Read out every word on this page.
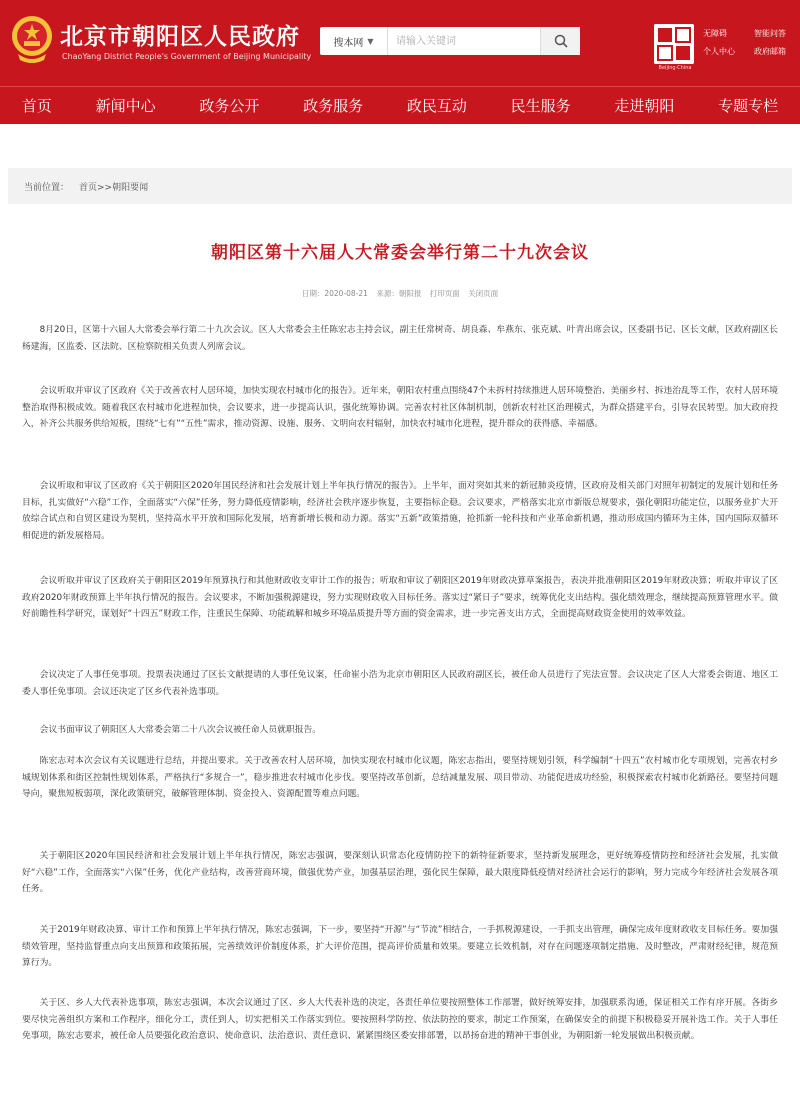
北京市朝阳区人民政府
ChaoYang District People's Government of Beijing Municipality
搜本网 ▼
请输入关键词
Beijing·China
无障碍	智能问答
个人中心 政府邮箱
首页	新闻中心	政务公开	政务服务	政民互动	民生服务	走进朝阳	专题专栏
当前位置： 首页>>朝阳要闻
朝阳区第十六届人大常委会举行第二十九次会议
日期：2020-08-21 来源：朝阳报 打印页面 关闭页面

8月20日，区第十六届人大常委会举行第二十九次会议。区人大常委会主任陈宏志主持会议，副主任常树奇、胡良森、牟燕东、张克斌、叶青出席会议，区委副书记、区长文献，区政府副区长杨建海，区监委、区法院、区检察院相关负责人列席会议。

会议听取并审议了区政府《关于改善农村人居环境，加快实现农村城市化的报告》。近年来，朝阳农村重点围绕47个未拆村持续推进人居环境整治、美丽乡村、拆违治乱等工作，农村人居环境整治取得积极成效。随着我区农村城市化进程加快，会议要求，进一步提高认识，强化统筹协调。完善农村社区体制机制，创新农村社区治理模式，为群众搭建平台，引导农民转型。加大政府投入，补齐公共服务供给短板，围绕“七有”“五性”需求，推动资源、设施、服务、文明向农村辐射，加快农村城市化进程，提升群众的获得感、幸福感。

会议听取和审议了区政府《关于朝阳区2020年国民经济和社会发展计划上半年执行情况的报告》。上半年，面对突如其来的新冠肺炎疫情，区政府及相关部门对照年初制定的发展计划和任务目标，扎实做好“六稳”工作，全面落实“六保”任务，努力降低疫情影响，经济社会秩序逐步恢复，主要指标企稳。会议要求，严格落实北京市新版总规要求，强化朝阳功能定位，以服务业扩大开放综合试点和自贸区建设为契机，坚持高水平开放和国际化发展，培育新增长极和动力源。落实“五新”政策措施，抢抓新一轮科技和产业革命新机遇，推动形成国内循环为主体，国内国际双循环相促进的新发展格局。

会议听取并审议了区政府关于朝阳区2019年预算执行和其他财政收支审计工作的报告；听取和审议了朝阳区2019年财政决算草案报告，表决并批准朝阳区2019年财政决算；听取并审议了区政府2020年财政预算上半年执行情况的报告。会议要求，不断加强税源建设，努力实现财政收入目标任务。落实过“紧日子”要求，统筹优化支出结构。强化绩效理念，继续提高预算管理水平。做好前瞻性科学研究，谋划好“十四五”财政工作，注重民生保障、功能疏解和城乡环境品质提升等方面的资金需求，进一步完善支出方式，全面提高财政资金使用的效率效益。

会议决定了人事任免事项。投票表决通过了区长文献提请的人事任免议案，任命崔小浩为北京市朝阳区人民政府副区长，被任命人员进行了宪法宣誓。会议决定了区人大常委会街道、地区工委人事任免事项。会议还决定了区乡代表补选事项。

会议书面审议了朝阳区人大常委会第二十八次会议被任命人员就职报告。

陈宏志对本次会议有关议题进行总结，并提出要求。关于改善农村人居环境，加快实现农村城市化议题，陈宏志指出，要坚持规划引领，科学编制“十四五”农村城市化专项规划，完善农村乡城规划体系和街区控制性规划体系，严格执行“多规合一”，稳步推进农村城市化步伐。要坚持改革创新，总结减量发展、项目带动、功能促进成功经验，积极探索农村城市化新路径。要坚持问题导向，聚焦短板弱项，深化政策研究，破解管理体制、资金投入、资源配置等难点问题。

关于朝阳区2020年国民经济和社会发展计划上半年执行情况，陈宏志强调，要深刻认识常态化疫情防控下的新特征新要求，坚持新发展理念，更好统筹疫情防控和经济社会发展，扎实做好“六稳”工作，全面落实“六保”任务，优化产业结构，改善营商环境，做强优势产业，加强基层治理，强化民生保障，最大限度降低疫情对经济社会运行的影响，努力完成今年经济社会发展各项任务。

关于2019年财政决算、审计工作和预算上半年执行情况，陈宏志强调，下一步，要坚持“开源”与“节流”相结合，一手抓税源建设，一手抓支出管理，确保完成年度财政收支目标任务。要加强绩效管理，坚持监督重点向支出预算和政策拓展，完善绩效评价制度体系，扩大评价范围，提高评价质量和效果。要建立长效机制，对存在问题逐项制定措施、及时整改，严肃财经纪律，规范预算行为。

关于区、乡人大代表补选事项，陈宏志强调，本次会议通过了区、乡人大代表补选的决定，各责任单位要按照整体工作部署，做好统筹安排，加强联系沟通，保证相关工作有序开展。各街乡要尽快完善组织方案和工作程序，细化分工，责任到人，切实把相关工作落实到位。要按照科学防控、依法防控的要求，制定工作预案，在确保安全的前提下积极稳妥开展补选工作。关于人事任免事项，陈宏志要求，被任命人员要强化政治意识、使命意识、法治意识、责任意识、紧紧围绕区委安排部署，以昂扬奋进的精神干事创业，为朝阳新一轮发展做出积极贡献。
